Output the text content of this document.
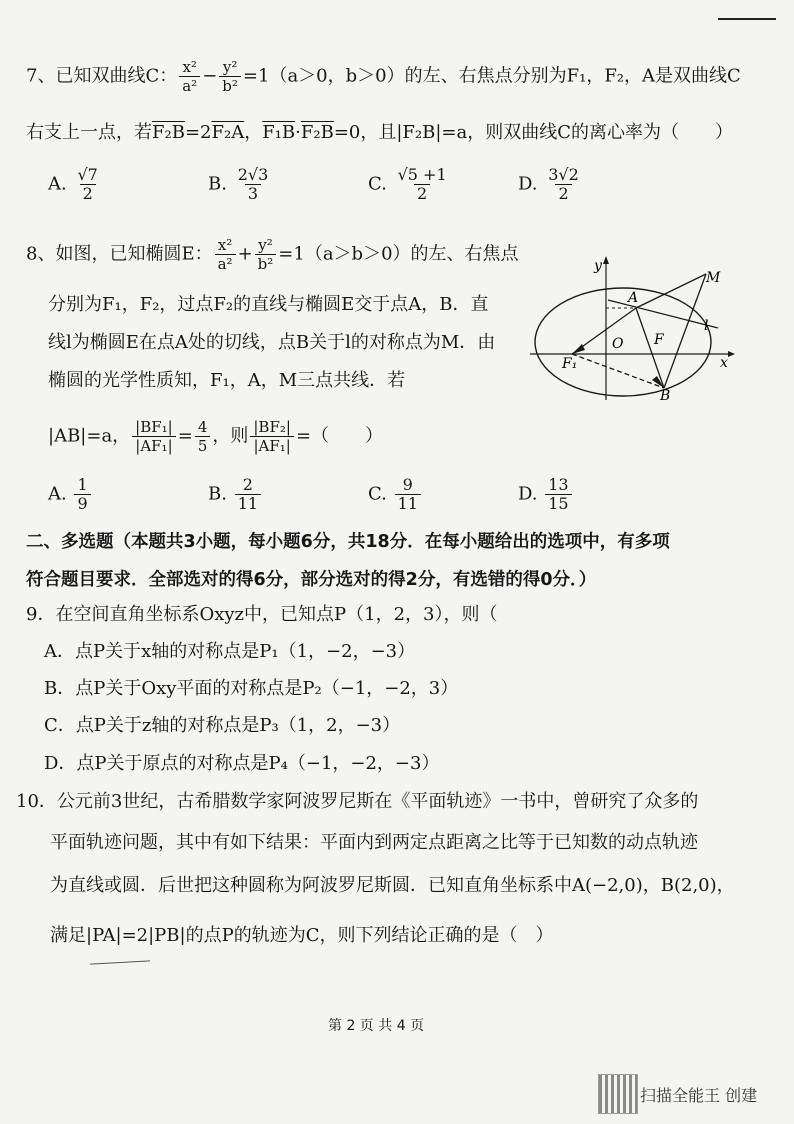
7、已知双曲线C： $\frac{\text{x²}}{\text{a²}} - \frac{\text{y²}}{\text{b²}} =1(a>0$，b＞0）的左、右焦点分别为F₁，F₂，A是双曲线C
右支上一点，若F₂B=2F₂A，F₁B·F₂B=0，且|F₂B|=a，则双曲线C的离心率为（　　）
A. $\frac{√7}{2}$	B. $\frac{2√3}{3}$	C. $\frac{√5 +1}{2}$	D. $\frac{3√2}{2}$
8、如图，已知椭圆E： $\frac{\text{x²}}{\text{a²}} + \frac{\text{y²}}{\text{b²}} =1(a>b>0)$的左、右焦点
分别为F₁，F₂，过点F₂的直线与椭圆E交于点A，B．直
线l为椭圆E在点A处的切线，点B关于l的对称点为M．由
椭圆的光学性质知，F₁，A，M三点共线．若
|AB|=a， $\frac{\text{|BF₁|}}{\text{|AF₁|}} = \frac{4}{5}$ ，则 $\frac{\text{|BF₂|}}{\text{|AF₁|}}$ =（　　）
A. $\frac{1}{9}$	B. $\frac{2}{11}$	C. $\frac{9}{11}$	D. $\frac{13}{15}$
y
x
A
M
O F
l
F₁
B
二、多选题（本题共3小题，每小题6分，共18分．在每小题给出的选项中，有多项
符合题目要求．全部选对的得6分，部分选对的得2分，有选错的得0分．）
9．在空间直角坐标系Oxyz中，已知点P（1，2，3），则（
A．点P关于x轴的对称点是P₁（1，−2，−3）
B．点P关于Oxy平面的对称点是P₂（−1，−2，3）
C．点P关于z轴的对称点是P₃（1，2，−3）
D．点P关于原点的对称点是P₄（−1，−2，−3）
10．公元前3世纪，古希腊数学家阿波罗尼斯在《平面轨迹》一书中，曾研究了众多的
平面轨迹问题，其中有如下结果：平面内到两定点距离之比等于已知数的动点轨迹
为直线或圆．后世把这种圆称为阿波罗尼斯圆．已知直角坐标系中A(−2,0)，B(2,0)，
满足|PA|=2|PB|的点P的轨迹为C，则下列结论正确的是（　）
第 2 页 共 4 页
扫描全能王 创建
